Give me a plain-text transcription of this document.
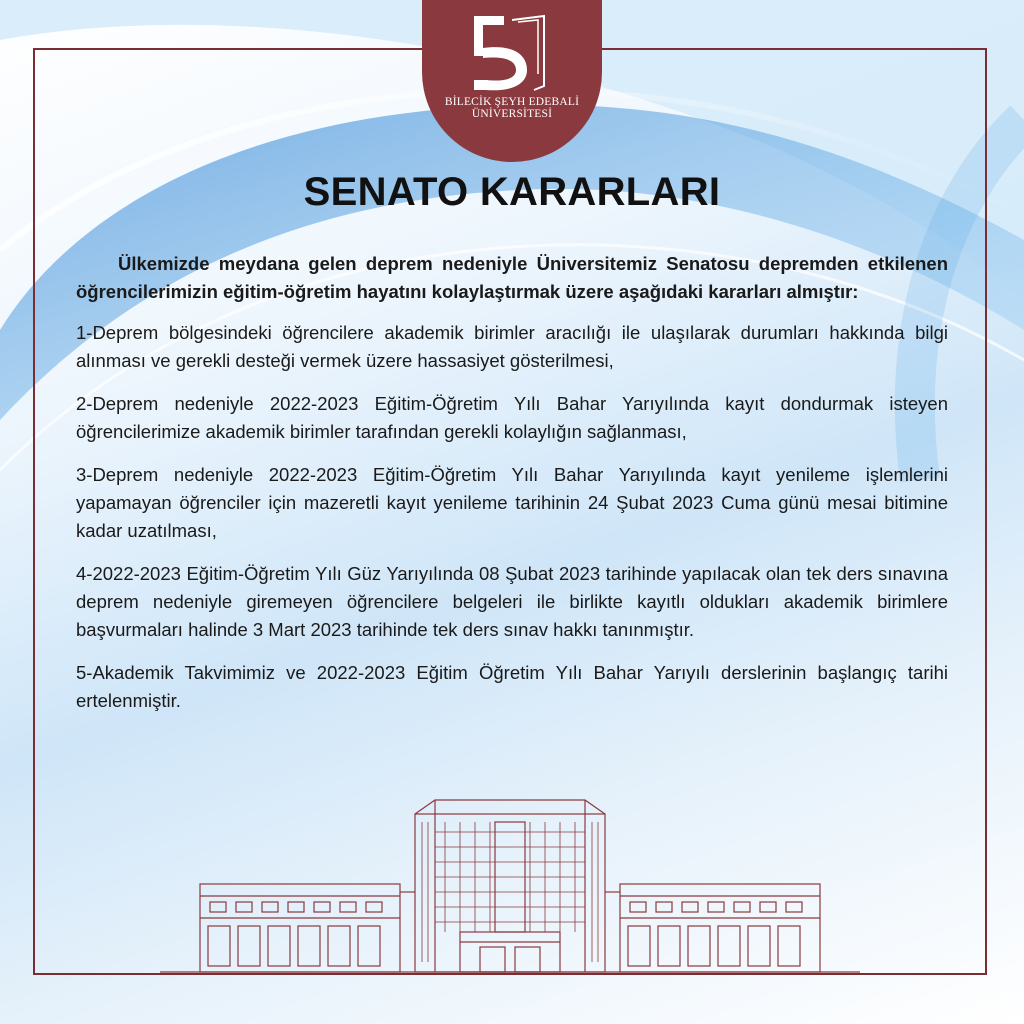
BİLECİK ŞEYH EDEBALİ
ÜNİVERSİTESİ
SENATO KARARLARI

Ülkemizde meydana gelen deprem nedeniyle Üniversitemiz Senatosu depremden etkilenen öğrencilerimizin eğitim-öğretim hayatını kolaylaştırmak üzere aşağıdaki kararları almıştır:

1-Deprem bölgesindeki öğrencilere akademik birimler aracılığı ile ulaşılarak durumları hakkında bilgi alınması ve gerekli desteği vermek üzere hassasiyet gösterilmesi,

2-Deprem nedeniyle 2022-2023 Eğitim-Öğretim Yılı Bahar Yarıyılında kayıt dondurmak isteyen öğrencilerimize akademik birimler tarafından gerekli kolaylığın sağlanması,

3-Deprem nedeniyle 2022-2023 Eğitim-Öğretim Yılı Bahar Yarıyılında kayıt yenileme işlemlerini yapamayan öğrenciler için mazeretli kayıt yenileme tarihinin 24 Şubat 2023 Cuma günü mesai bitimine kadar uzatılması,

4-2022-2023 Eğitim-Öğretim Yılı Güz Yarıyılında 08 Şubat 2023 tarihinde yapılacak olan tek ders sınavına deprem nedeniyle giremeyen öğrencilere belgeleri ile birlikte kayıtlı oldukları akademik birimlere başvurmaları halinde 3 Mart 2023 tarihinde tek ders sınav hakkı tanınmıştır.

5-Akademik Takvimimiz ve 2022-2023 Eğitim Öğretim Yılı Bahar Yarıyılı derslerinin başlangıç tarihi ertelenmiştir.
